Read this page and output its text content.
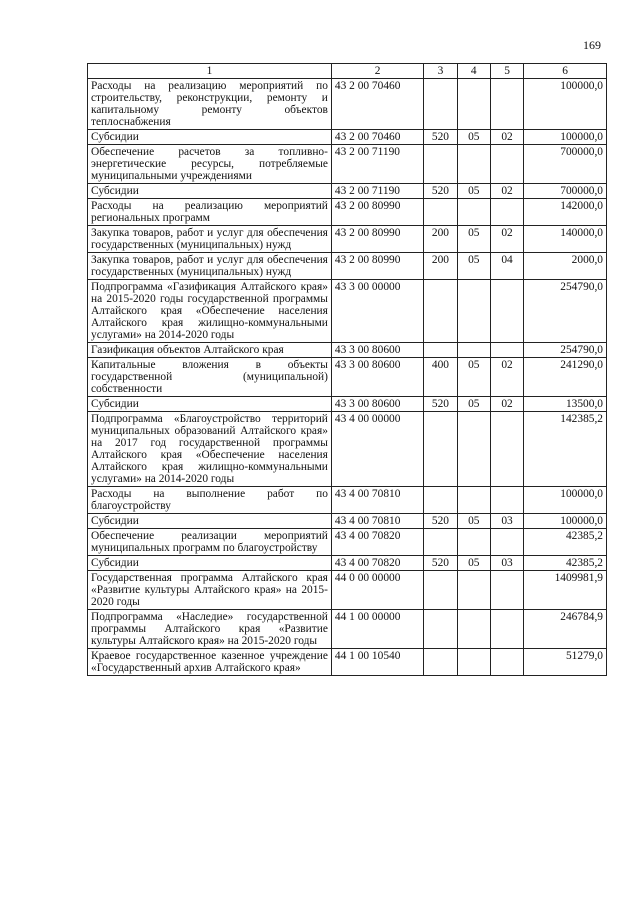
169
1	2	3	4	5	6
Расходы на реализацию мероприятий по строительству, реконструкции, ремонту и капитальному ремонту объектов теплоснабжения	43 2 00 70460				100000,0
Субсидии	43 2 00 70460	520	05	02	100000,0
Обеспечение расчетов за топливно-энергетические ресурсы, потребляемые муниципальными учреждениями	43 2 00 71190				700000,0
Субсидии	43 2 00 71190	520	05	02	700000,0
Расходы на реализацию мероприятий региональных программ	43 2 00 80990				142000,0
Закупка товаров, работ и услуг для обеспечения государственных (муниципальных) нужд	43 2 00 80990	200	05	02	140000,0
Закупка товаров, работ и услуг для обеспечения государственных (муниципальных) нужд	43 2 00 80990	200	05	04	2000,0
Подпрограмма «Газификация Алтайского края» на 2015-2020 годы государственной программы Алтайского края «Обеспечение населения Алтайского края жилищно-коммунальными услугами» на 2014-2020 годы	43 3 00 00000				254790,0
Газификация объектов Алтайского края	43 3 00 80600				254790,0
Капитальные вложения в объекты государственной (муниципальной) собственности	43 3 00 80600	400	05	02	241290,0
Субсидии	43 3 00 80600	520	05	02	13500,0
Подпрограмма «Благоустройство территорий муниципальных образований Алтайского края» на 2017 год государственной программы Алтайского края «Обеспечение населения Алтайского края жилищно-коммунальными услугами» на 2014-2020 годы	43 4 00 00000				142385,2
Расходы на выполнение работ по благоустройству	43 4 00 70810				100000,0
Субсидии	43 4 00 70810	520	05	03	100000,0
Обеспечение реализации мероприятий муниципальных программ по благоустройству	43 4 00 70820				42385,2
Субсидии	43 4 00 70820	520	05	03	42385,2
Государственная программа Алтайского края «Развитие культуры Алтайского края» на 2015-2020 годы	44 0 00 00000				1409981,9
Подпрограмма «Наследие» государственной программы Алтайского края «Развитие культуры Алтайского края» на 2015-2020 годы	44 1 00 00000				246784,9
Краевое государственное казенное учреждение «Государственный архив Алтайского края»	44 1 00 10540				51279,0
